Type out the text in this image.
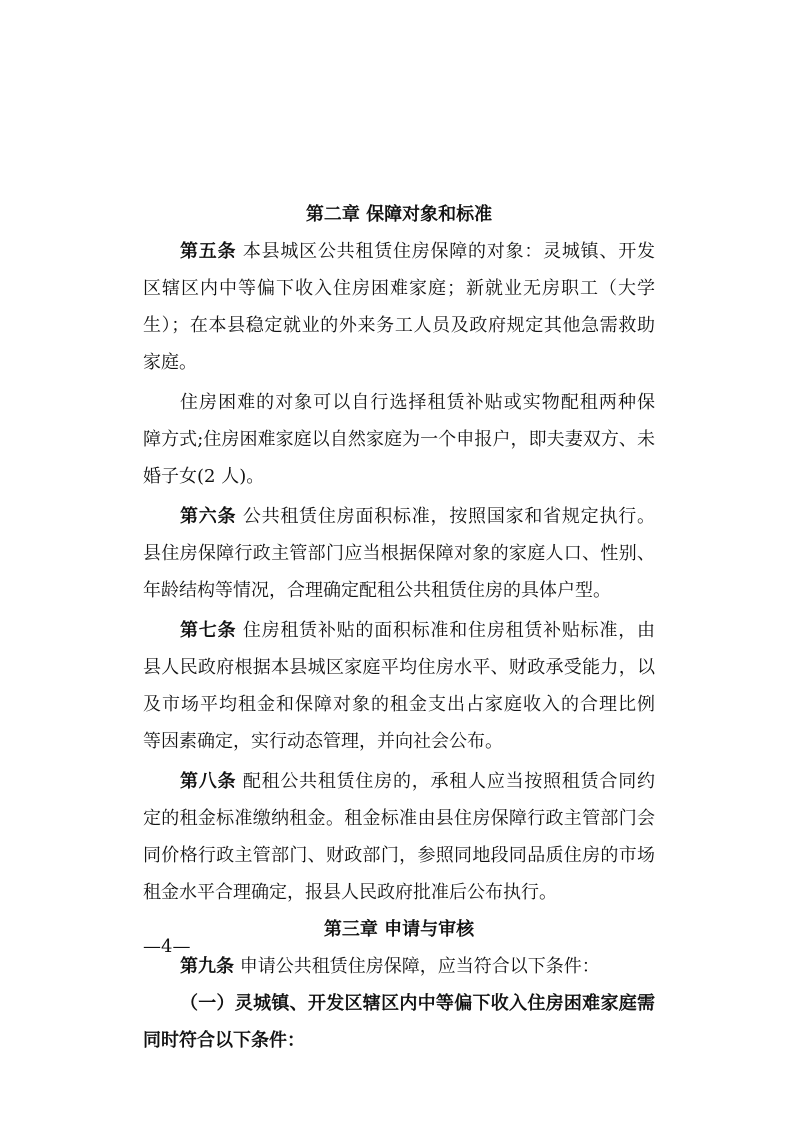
第二章 保障对象和标准
第五条 本县城区公共租赁住房保障的对象：灵城镇、开发
区辖区内中等偏下收入住房困难家庭；新就业无房职工（大学
生）；在本县稳定就业的外来务工人员及政府规定其他急需救助
家庭。
住房困难的对象可以自行选择租赁补贴或实物配租两种保
障方式;住房困难家庭以自然家庭为一个申报户，即夫妻双方、未
婚子女(2 人)。
第六条 公共租赁住房面积标准，按照国家和省规定执行。
县住房保障行政主管部门应当根据保障对象的家庭人口、性别、
年龄结构等情况，合理确定配租公共租赁住房的具体户型。
第七条 住房租赁补贴的面积标准和住房租赁补贴标准，由
县人民政府根据本县城区家庭平均住房水平、财政承受能力，以
及市场平均租金和保障对象的租金支出占家庭收入的合理比例
等因素确定，实行动态管理，并向社会公布。
第八条 配租公共租赁住房的，承租人应当按照租赁合同约
定的租金标准缴纳租金。租金标准由县住房保障行政主管部门会
同价格行政主管部门、财政部门，参照同地段同品质住房的市场
租金水平合理确定，报县人民政府批准后公布执行。
第三章 申请与审核
第九条 申请公共租赁住房保障，应当符合以下条件：
（一）灵城镇、开发区辖区内中等偏下收入住房困难家庭需
同时符合以下条件：
—4—
